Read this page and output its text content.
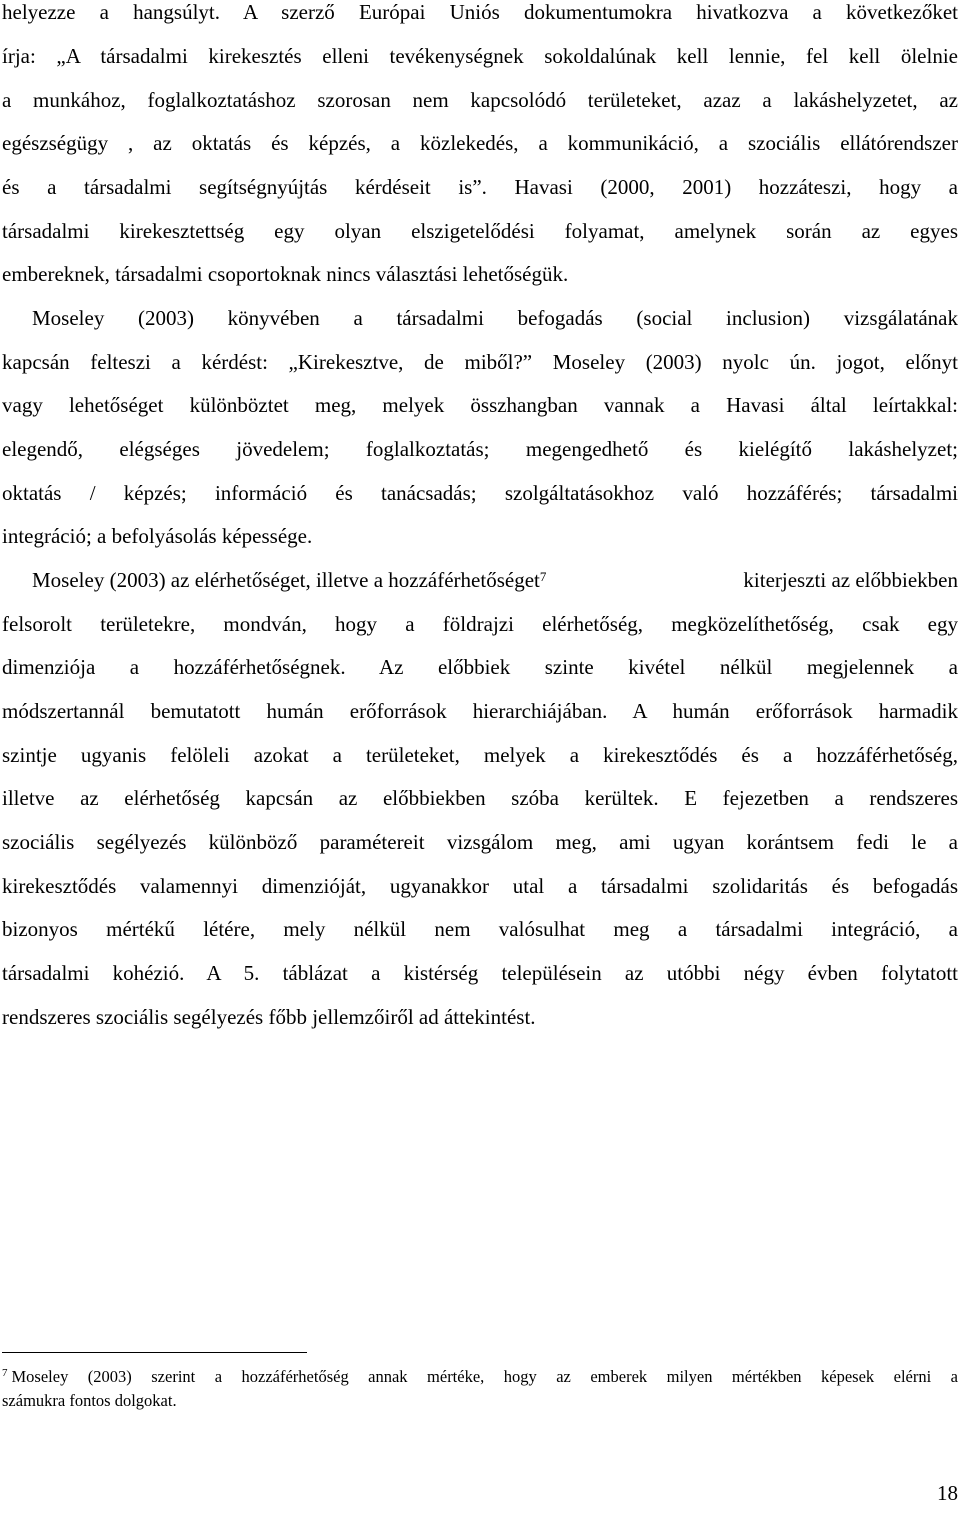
helyezze a hangsúlyt. A szerző Európai Uniós dokumentumokra hivatkozva a következőket
írja: „A társadalmi kirekesztés elleni tevékenységnek sokoldalúnak kell lennie, fel kell ölelnie
a munkához, foglalkoztatáshoz szorosan nem kapcsolódó területeket, azaz a lakáshelyzetet, az
egészségügy , az oktatás és képzés, a közlekedés, a kommunikáció, a szociális ellátórendszer
és a társadalmi segítségnyújtás kérdéseit is”. Havasi (2000, 2001) hozzáteszi, hogy a
társadalmi kirekesztettség egy olyan elszigetelődési folyamat, amelynek során az egyes
embereknek, társadalmi csoportoknak nincs választási lehetőségük.
Moseley (2003) könyvében a társadalmi befogadás (social inclusion) vizsgálatának
kapcsán felteszi a kérdést: „Kirekesztve, de miből?” Moseley (2003) nyolc ún. jogot, előnyt
vagy lehetőséget különböztet meg, melyek összhangban vannak a Havasi által leírtakkal:
elegendő, elégséges jövedelem; foglalkoztatás; megengedhető és kielégítő lakáshelyzet;
oktatás / képzés; információ és tanácsadás; szolgáltatásokhoz való hozzáférés; társadalmi
integráció; a befolyásolás képessége.
Moseley (2003) az elérhetőséget, illetve a hozzáférhetőséget$^7$	kiterjeszti az előbbiekben
felsorolt területekre, mondván, hogy a földrajzi elérhetőség, megközelíthetőség, csak egy
dimenziója a hozzáférhetőségnek. Az előbbiek szinte kivétel nélkül megjelennek a
módszertannál bemutatott humán erőforrások hierarchiájában. A humán erőforrások harmadik
szintje ugyanis felöleli azokat a területeket, melyek a kirekesztődés és a hozzáférhetőség,
illetve az elérhetőség kapcsán az előbbiekben szóba kerültek. E fejezetben a rendszeres
szociális segélyezés különböző paramétereit vizsgálom meg, ami ugyan korántsem fedi le a
kirekesztődés valamennyi dimenzióját, ugyanakkor utal a társadalmi szolidaritás és befogadás
bizonyos mértékű létére, mely nélkül nem valósulhat meg a társadalmi integráció, a
társadalmi kohézió. A 5. táblázat a kistérség településein az utóbbi négy évben folytatott
rendszeres szociális segélyezés főbb jellemzőiről ad áttekintést.
$^7$ Moseley (2003) szerint a hozzáférhetőség annak mértéke, hogy az emberek milyen mértékben képesek elérni a
számukra fontos dolgokat.
18
